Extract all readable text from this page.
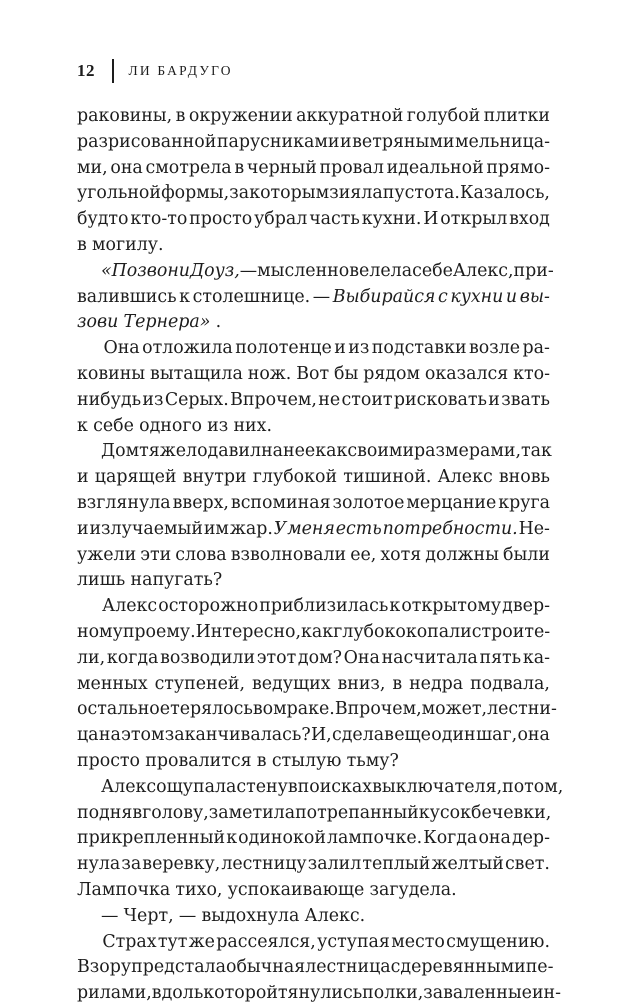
12 ЛИ БАРДУГО
раковины, в окружении аккуратной голубой плитки
разрисованной парусниками и ветряными мельница-
ми, она смотрела в черный провал идеальной прямо-
угольной формы, за которым зияла пустота. Казалось,
будто кто-то просто убрал часть кухни. И открыл вход
в могилу.
«Позвони Доуз, — мысленно велела себе Алекс, при-
валившись к столешнице. — Выбирайся с кухни и вы-
зови Тернера» .
Она отложила полотенце и из подставки возле ра-
ковины вытащила нож. Вот бы рядом оказался кто-
нибудь из Серых. Впрочем, не стоит рисковать и звать
к себе одного из них.
Дом тяжело давил на нее как своими размерами, так
и царящей внутри глубокой тишиной. Алекс вновь
взглянула вверх, вспоминая золотое мерцание круга
и излучаемый им жар. У меня есть потребности. Не-
ужели эти слова взволновали ее, хотя должны были
лишь напугать?
Алекс осторожно приблизилась к открытому двер-
ному проему. Интересно, как глубоко копали строите-
ли, когда возводили этот дом? Она насчитала пять ка-
менных ступеней, ведущих вниз, в недра подвала,
остальное терялось во мраке. Впрочем, может, лестни-
ца на этом заканчивалась? И, сделав еще один шаг, она
просто провалится в стылую тьму?
Алекс ощупала стену в поисках выключателя, потом,
подняв голову, заметила потрепанный кусок бечевки,
прикрепленный к одинокой лампочке. Когда она дер-
нула за веревку, лестницу залил теплый желтый свет.
Лампочка тихо, успокаивающе загудела.
— Черт, — выдохнула Алекс.
Страх тут же рассеялся, уступая место смущению.
Взору предстала обычная лестница с деревянными пе-
рилами, вдоль которой тянулись полки, заваленные ин-
